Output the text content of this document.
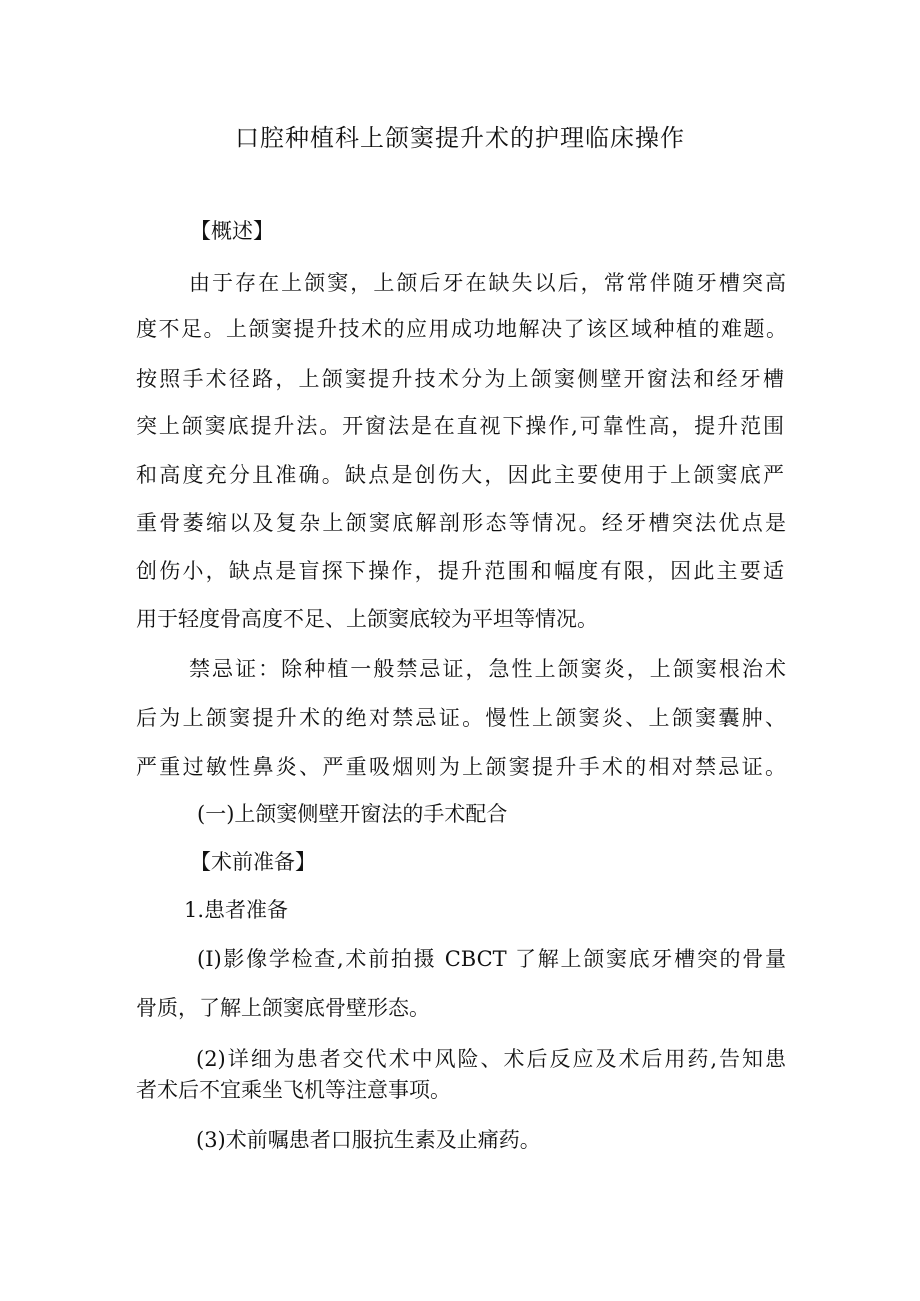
口腔种植科上颌窦提升术的护理临床操作
【概述】
由于存在上颌窦，上颌后牙在缺失以后，常常伴随牙槽突高
度不足。上颌窦提升技术的应用成功地解决了该区域种植的难题。
按照手术径路，上颌窦提升技术分为上颌窦侧壁开窗法和经牙槽
突上颌窦底提升法。开窗法是在直视下操作,可靠性高，提升范围
和高度充分且准确。缺点是创伤大，因此主要使用于上颌窦底严
重骨萎缩以及复杂上颌窦底解剖形态等情况。经牙槽突法优点是
创伤小，缺点是盲探下操作，提升范围和幅度有限，因此主要适
用于轻度骨高度不足、上颌窦底较为平坦等情况。
禁忌证：除种植一般禁忌证，急性上颌窦炎，上颌窦根治术
后为上颌窦提升术的绝对禁忌证。慢性上颌窦炎、上颌窦囊肿、
严重过敏性鼻炎、严重吸烟则为上颌窦提升手术的相对禁忌证。
(一)上颌窦侧壁开窗法的手术配合
【术前准备】
1.患者准备
(I)影像学检查,术前拍摄 CBCT 了解上颌窦底牙槽突的骨量
骨质，了解上颌窦底骨壁形态。
(2)详细为患者交代术中风险、术后反应及术后用药,告知患
者术后不宜乘坐飞机等注意事项。
(3)术前嘱患者口服抗生素及止痛药。
